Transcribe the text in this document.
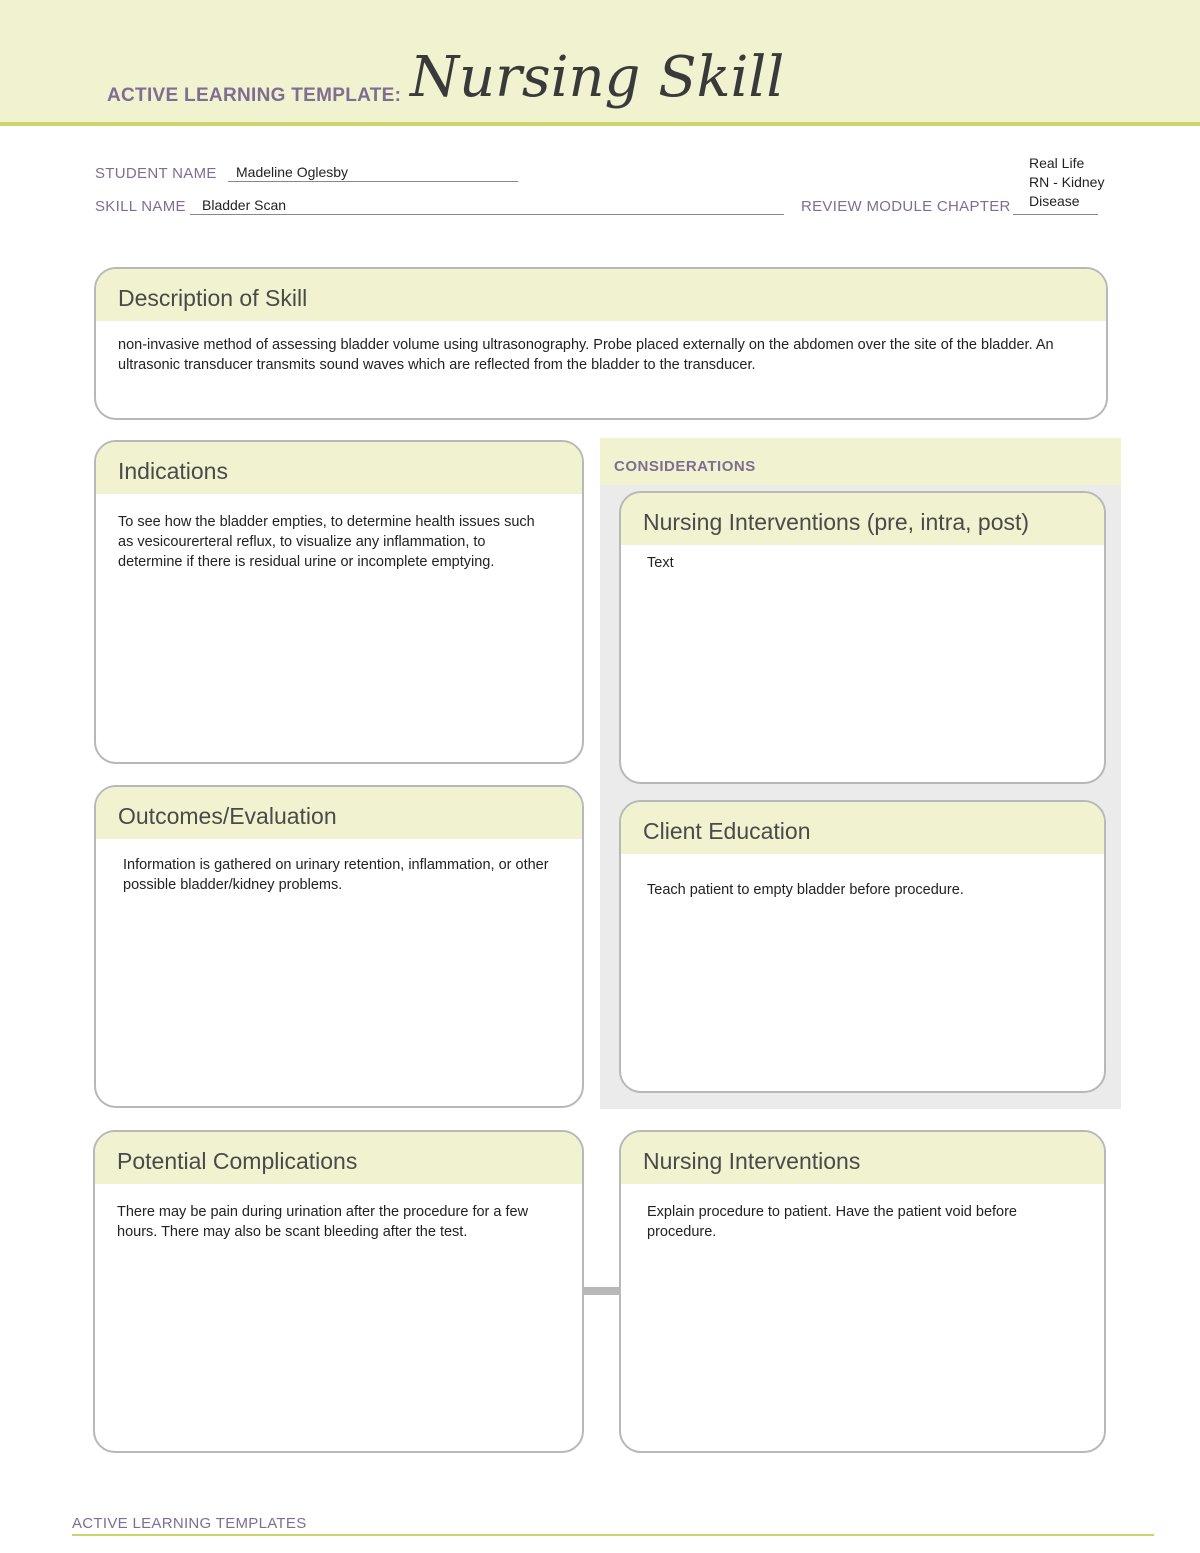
ACTIVE LEARNING TEMPLATE: Nursing Skill
STUDENT NAME Madeline Oglesby
SKILL NAME Bladder Scan	REVIEW MODULE CHAPTER
Real Life
RN - Kidney
Disease
Description of Skill
non-invasive method of assessing bladder volume using ultrasonography. Probe placed externally on the abdomen over the site of the bladder. An ultrasonic transducer transmits sound waves which are reflected from the bladder to the transducer.
CONSIDERATIONS
Indications
To see how the bladder empties, to determine health issues such as vesicourerteral reflux, to visualize any inflammation, to determine if there is residual urine or incomplete emptying.
Outcomes/Evaluation
Information is gathered on urinary retention, inflammation, or other possible bladder/kidney problems.
Nursing Interventions (pre, intra, post)
Text
Client Education
Teach patient to empty bladder before procedure.
Potential Complications
There may be pain during urination after the procedure for a few hours. There may also be scant bleeding after the test.
Nursing Interventions
Explain procedure to patient. Have the patient void before procedure.
ACTIVE LEARNING TEMPLATES
